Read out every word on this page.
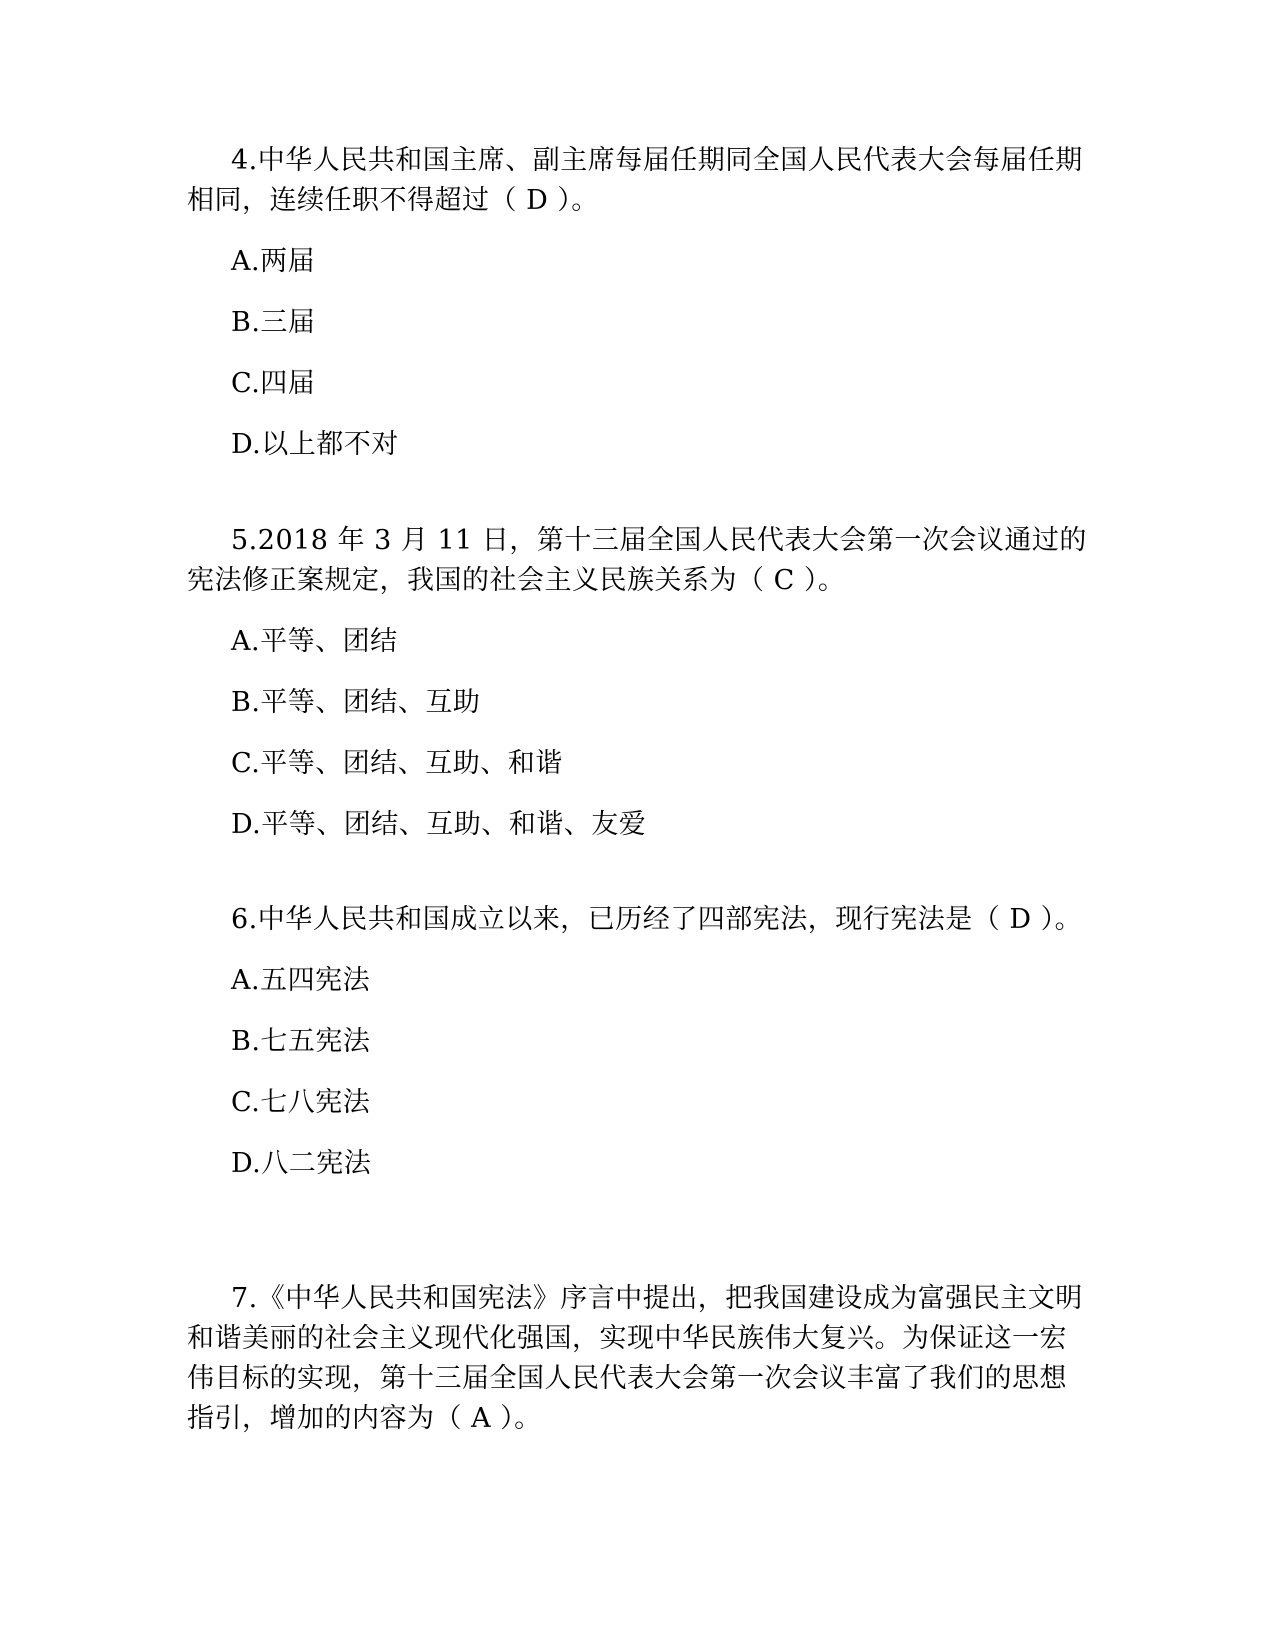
4.中华人民共和国主席、副主席每届任期同全国人民代表大会每届任期相同，连续任职不得超过（ D ）。

A.两届
B.三届
C.四届
D.以上都不对

5.2018 年 3 月 11 日，第十三届全国人民代表大会第一次会议通过的宪法修正案规定，我国的社会主义民族关系为（ C ）。

A.平等、团结
B.平等、团结、互助
C.平等、团结、互助、和谐
D.平等、团结、互助、和谐、友爱

6.中华人民共和国成立以来，已历经了四部宪法，现行宪法是（ D ）。

A.五四宪法
B.七五宪法
C.七八宪法
D.八二宪法

7.《中华人民共和国宪法》序言中提出，把我国建设成为富强民主文明和谐美丽的社会主义现代化强国，实现中华民族伟大复兴。为保证这一宏伟目标的实现，第十三届全国人民代表大会第一次会议丰富了我们的思想指引，增加的内容为（ A ）。
